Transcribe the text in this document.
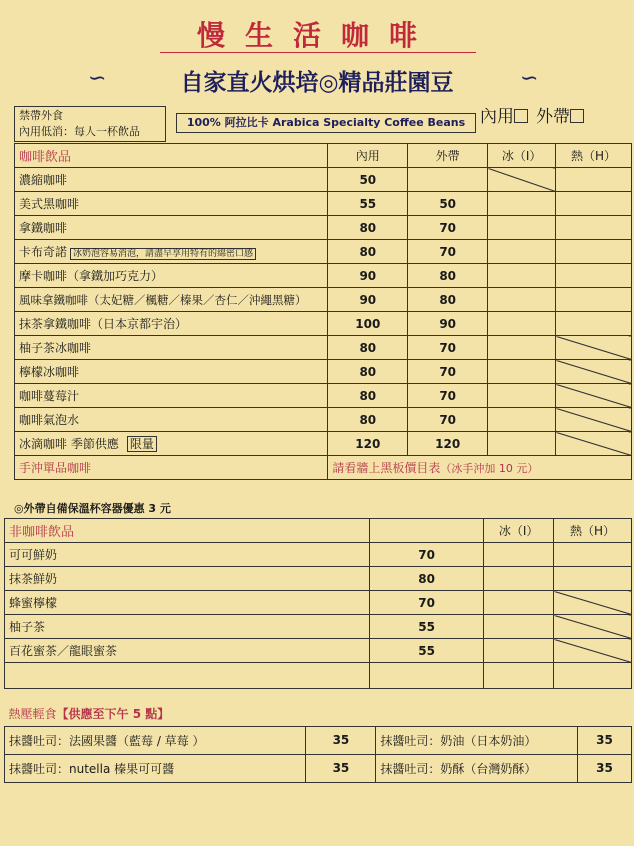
慢生活咖啡
∽	自家直火烘培◎精品莊園豆	∽
禁帶外食
內用低消：每人一杯飲品
100% 阿拉比卡 Arabica Specialty Coffee Beans 內用 外帶
咖啡飲品	內用	外帶	冰（I）	熱（H）
濃縮咖啡	50			
美式黑咖啡	55	50		
拿鐵咖啡	80	70		
卡布奇諾 冰奶泡容易消泡，請盡早享用特有的綿密口感	80	70		
摩卡咖啡（拿鐵加巧克力）	90	80		
風味拿鐵咖啡（太妃糖／楓糖／榛果／杏仁／沖繩黑糖）	90	80		
抹茶拿鐵咖啡（日本京都宇治）	100	90		
柚子茶冰咖啡	80	70		
檸檬冰咖啡	80	70		
咖啡蔓莓汁	80	70		
咖啡氣泡水	80	70		
冰滴咖啡 季節供應 限量	120	120		
手沖單品咖啡	請看牆上黑板價目表（冰手沖加 10 元）			
◎外帶自備保溫杯容器優惠 3 元
非咖啡飲品		冰（I）	熱（H）
可可鮮奶	70		
抹茶鮮奶	80		
蜂蜜檸檬	70		
柚子茶	55		
百花蜜茶／龍眼蜜茶	55		

熱壓輕食【供應至下午 5 點】			
抹醬吐司：法國果醬（藍莓 / 草莓 ）	35	抹醬吐司：奶油（日本奶油）	35
抹醬吐司：nutella 榛果可可醬	35	抹醬吐司：奶酥（台灣奶酥）	35
